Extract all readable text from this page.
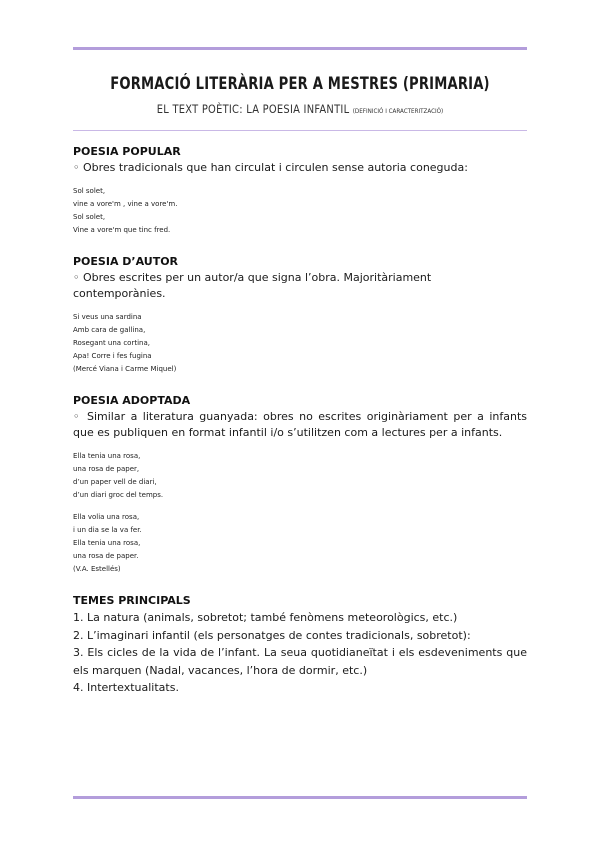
FORMACIÓ LITERÀRIA PER A MESTRES (PRIMARIA)
EL TEXT POÈTIC: LA POESIA INFANTIL (DEFINICIÓ I CARACTERITZACIÓ)

POESIA POPULAR

◦ Obres tradicionals que han circulat i circulen sense autoria coneguda:

Sol solet,

vine a vore'm , vine a vore'm.

Sol solet,

Vine a vore'm que tinc fred.

POESIA D’AUTOR

◦ Obres escrites per un autor/a que signa l’obra. Majoritàriament contemporànies.

Si veus una sardina

Amb cara de gallina,

Rosegant una cortina,

Apa! Corre i fes fugina

(Mercé Viana i Carme Miquel)

POESIA ADOPTADA

◦ Similar a literatura guanyada: obres no escrites originàriament per a infants que es publiquen en format infantil i/o s’utilitzen com a lectures per a infants.

Ella tenia una rosa,

una rosa de paper,

d’un paper vell de diari,

d’un diari groc del temps.

Ella volia una rosa,

i un dia se la va fer.

Ella tenia una rosa,

una rosa de paper.

(V.A. Estellés)

TEMES PRINCIPALS

1. La natura (animals, sobretot; també fenòmens meteorològics, etc.)

2. L’imaginari infantil (els personatges de contes tradicionals, sobretot):

3. Els cicles de la vida de l’infant. La seua quotidianeïtat i els esdeveniments que els marquen (Nadal, vacances, l’hora de dormir, etc.)

4. Intertextualitats.
